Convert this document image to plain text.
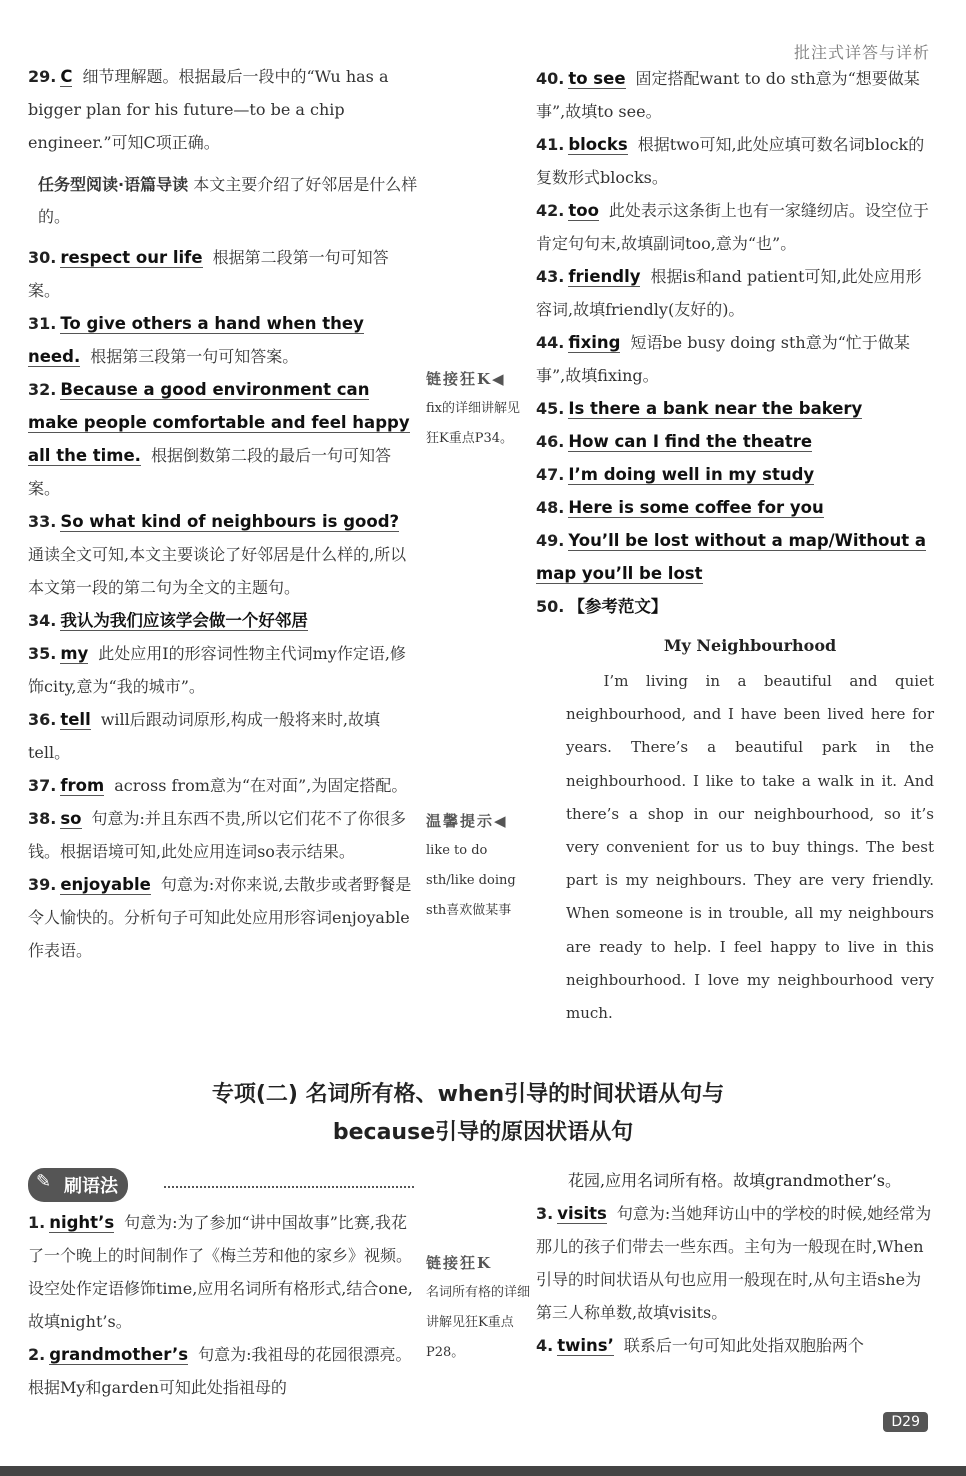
批注式详答与详析
29. C 细节理解题。根据最后一段中的“Wu has a bigger plan for his future—to be a chip engineer.”可知C项正确。
任务型阅读·语篇导读 本文主要介绍了好邻居是什么样的。
30. respect our life 根据第二段第一句可知答案。
31. To give others a hand when they need. 根据第三段第一句可知答案。
32. Because a good environment can make people comfortable and feel happy all the time. 根据倒数第二段的最后一句可知答案。
33. So what kind of neighbours is good?通读全文可知,本文主要谈论了好邻居是什么样的,所以本文第一段的第二句为全文的主题句。
34. 我认为我们应该学会做一个好邻居
35. my 此处应用I的形容词性物主代词my作定语,修饰city,意为“我的城市”。
36. tell will后跟动词原形,构成一般将来时,故填tell。
37. from across from意为“在对面”,为固定搭配。
38. so 句意为:并且东西不贵,所以它们花不了你很多钱。根据语境可知,此处应用连词so表示结果。
39. enjoyable 句意为:对你来说,去散步或者野餐是令人愉快的。分析句子可知此处应用形容词enjoyable作表语。
链接狂K◀
fix的详细讲解见狂K重点P34。
温馨提示◀
like to do sth/like doing sth喜欢做某事
链接狂K
名词所有格的详细讲解见狂K重点P28。
40. to see 固定搭配want to do sth意为“想要做某事”,故填to see。
41. blocks 根据two可知,此处应填可数名词block的复数形式blocks。
42. too 此处表示这条街上也有一家缝纫店。设空位于肯定句句末,故填副词too,意为“也”。
43. friendly 根据is和and patient可知,此处应用形容词,故填friendly(友好的)。
44. fixing 短语be busy doing sth意为“忙于做某事”,故填fixing。
45. Is there a bank near the bakery
46. How can I find the theatre
47. I’m doing well in my study
48. Here is some coffee for you
49. You’ll be lost without a map/Without a map you’ll be lost
50. 【参考范文】
My Neighbourhood
I’m living in a beautiful and quiet neighbourhood, and I have been lived here for years. There’s a beautiful park in the neighbourhood. I like to take a walk in it. And there’s a shop in our neighbourhood, so it’s very convenient for us to buy things. The best part is my neighbours. They are very friendly. When someone is in trouble, all my neighbours are ready to help. I feel happy to live in this neighbourhood. I love my neighbourhood very much.
专项(二) 名词所有格、when引导的时间状语从句与
because引导的原因状语从句
✎ 刷语法
1. night’s 句意为:为了参加“讲中国故事”比赛,我花了一个晚上的时间制作了《梅兰芳和他的家乡》视频。设空处作定语修饰time,应用名词所有格形式,结合one,故填night’s。
2. grandmother’s 句意为:我祖母的花园很漂亮。根据My和garden可知此处指祖母的
花园,应用名词所有格。故填grandmother’s。
3. visits 句意为:当她拜访山中的学校的时候,她经常为那儿的孩子们带去一些东西。主句为一般现在时,When引导的时间状语从句也应用一般现在时,从句主语she为第三人称单数,故填visits。
4. twins’ 联系后一句可知此处指双胞胎两个
D29
